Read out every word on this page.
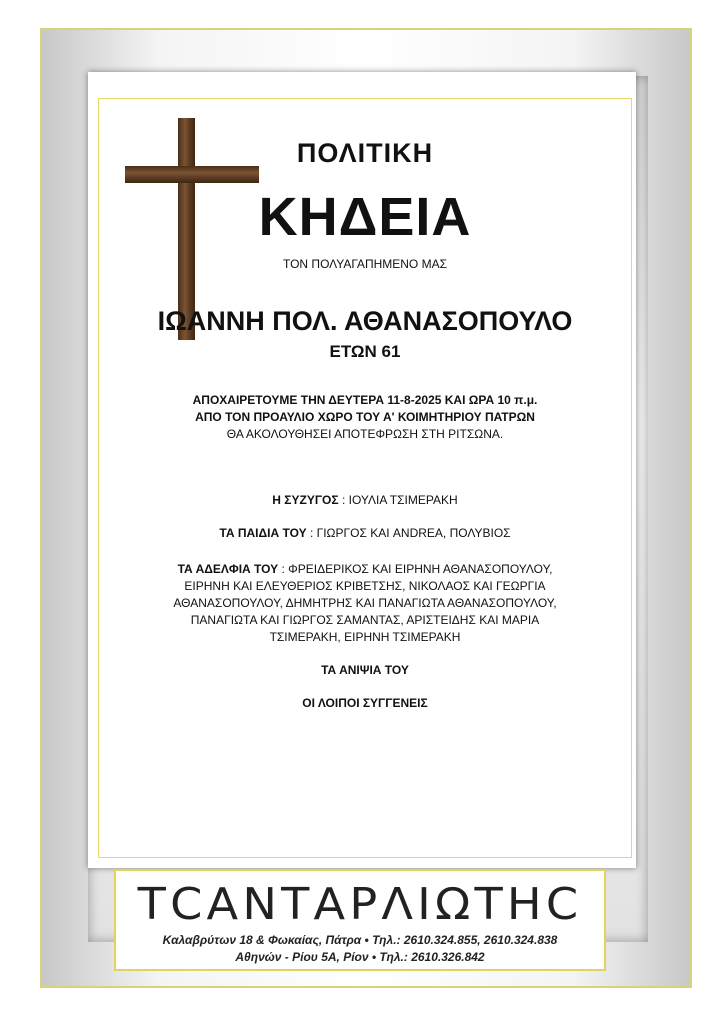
ΠΟΛΙΤΙΚΗ
ΚΗΔΕΙΑ
ΤΟΝ ΠΟΛΥΑΓΑΠΗΜΕΝΟ ΜΑΣ
ΙΩΑΝΝΗ ΠΟΛ. ΑΘΑΝΑΣΟΠΟΥΛΟ
ΕΤΩΝ 61
ΑΠΟΧΑΙΡΕΤΟΥΜΕ ΤΗΝ ΔΕΥΤΕΡΑ 11-8-2025 ΚΑΙ ΩΡΑ 10 π.μ.
ΑΠΟ ΤΟΝ ΠΡΟΑΥΛΙΟ ΧΩΡΟ ΤΟΥ Α' ΚΟΙΜΗΤΗΡΙΟΥ ΠΑΤΡΩΝ
ΘΑ ΑΚΟΛΟΥΘΗΣΕΙ ΑΠΟΤΕΦΡΩΣΗ ΣΤΗ ΡΙΤΣΩΝΑ.
Η ΣΥΖΥΓΟΣ : ΙΟΥΛΙΑ ΤΣΙΜΕΡΑΚΗ
ΤΑ ΠΑΙΔΙΑ ΤΟΥ : ΓΙΩΡΓΟΣ ΚΑΙ ANDREA, ΠΟΛΥΒΙΟΣ
ΤΑ ΑΔΕΛΦΙΑ ΤΟΥ : ΦΡΕΙΔΕΡΙΚΟΣ ΚΑΙ ΕΙΡΗΝΗ ΑΘΑΝΑΣΟΠΟΥΛΟΥ,
ΕΙΡΗΝΗ ΚΑΙ ΕΛΕΥΘΕΡΙΟΣ ΚΡΙΒΕΤΣΗΣ, ΝΙΚΟΛΑΟΣ ΚΑΙ ΓΕΩΡΓΙΑ
ΑΘΑΝΑΣΟΠΟΥΛΟΥ, ΔΗΜΗΤΡΗΣ ΚΑΙ ΠΑΝΑΓΙΩΤΑ ΑΘΑΝΑΣΟΠΟΥΛΟΥ,
ΠΑΝΑΓΙΩΤΑ ΚΑΙ ΓΙΩΡΓΟΣ ΣΑΜΑΝΤΑΣ, ΑΡΙΣΤΕΙΔΗΣ ΚΑΙ ΜΑΡΙΑ
ΤΣΙΜΕΡΑΚΗ, ΕΙΡΗΝΗ ΤΣΙΜΕΡΑΚΗ
ΤΑ ΑΝΙΨΙΑ ΤΟΥ
ΟΙ ΛΟΙΠΟΙ ΣΥΓΓΕΝΕΙΣ
ΤCΑΝΤΑΡΛΙΩΤΗC
Καλαβρύτων 18 & Φωκαίας, Πάτρα • Τηλ.: 2610.324.855, 2610.324.838
Αθηνών - Ρίου 5Α, Ρίον • Τηλ.: 2610.326.842
